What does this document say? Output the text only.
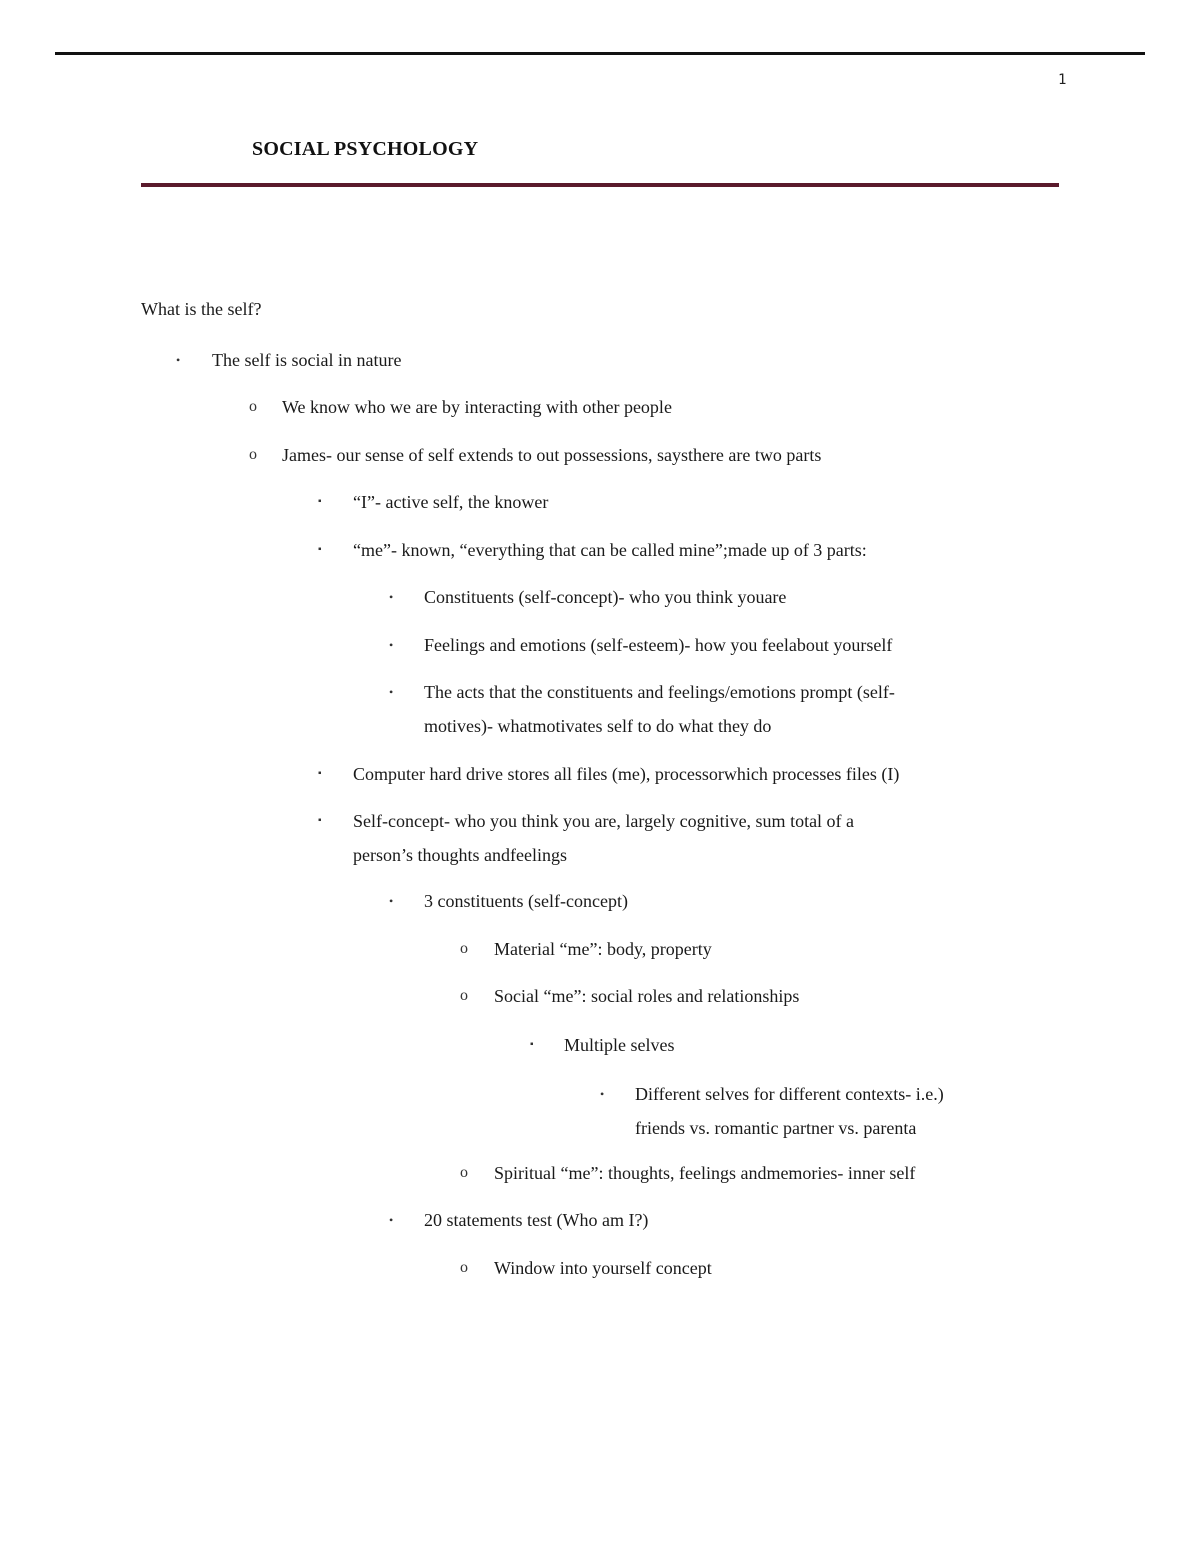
1
SOCIAL PSYCHOLOGY
What is the self?
• The self is social in nature
o We know who we are by interacting with other people
o James- our sense of self extends to out possessions, saysthere are two parts
▪ “I”- active self, the knower
▪ “me”- known, “everything that can be called mine”;made up of 3 parts:
• Constituents (self-concept)- who you think youare
• Feelings and emotions (self-esteem)- how you feelabout yourself
• The acts that the constituents and feelings/emotions prompt (self-
motives)- whatmotivates self to do what they do
▪ Computer hard drive stores all files (me), processorwhich processes files (I)
▪ Self-concept- who you think you are, largely cognitive, sum total of a
person’s thoughts andfeelings
• 3 constituents (self-concept)
o Material “me”: body, property
o Social “me”: social roles and relationships
▪ Multiple selves
• Different selves for different contexts- i.e.)
friends vs. romantic partner vs. parenta
o Spiritual “me”: thoughts, feelings andmemories- inner self
• 20 statements test (Who am I?)
o Window into yourself concept
